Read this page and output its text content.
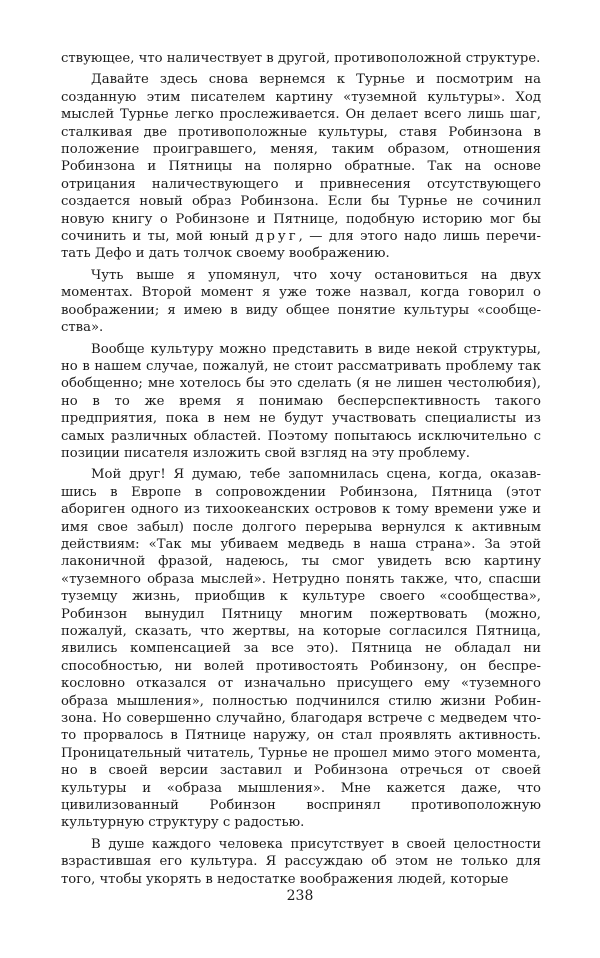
ствующее, что наличествует в другой, противоположной структуре.

Давайте здесь снова вернемся к Турнье и посмотрим на созданную этим писателем картину «туземной культуры». Ход мыслей Турнье легко прослеживается. Он делает всего лишь шаг, сталкивая две противоположные культуры, ставя Робинзона в положение проигравшего, меняя, таким образом, отношения Робинзона и Пятницы на полярно обратные. Так на основе отрицания наличествующего и привнесения отсутствующего создается новый образ Робинзона. Если бы Турнье не сочинил новую книгу о Робинзоне и Пятнице, подобную историю мог бы сочинить и ты, мой юный друг, — для этого надо лишь перечитать Дефо и дать толчок своему воображению.

Чуть выше я упомянул, что хочу остановиться на двух моментах. Второй момент я уже тоже назвал, когда говорил о воображении; я имею в виду общее понятие культуры «сообщества».

Вообще культуру можно представить в виде некой структуры, но в нашем случае, пожалуй, не стоит рассматривать проблему так обобщенно; мне хотелось бы это сделать (я не лишен честолюбия), но в то же время я понимаю бесперспективность такого предприятия, пока в нем не будут участвовать специалисты из самых различных областей. Поэтому попытаюсь исключительно с позиции писателя изложить свой взгляд на эту проблему.

Мой друг! Я думаю, тебе запомнилась сцена, когда, оказавшись в Европе в сопровождении Робинзона, Пятница (этот абориген одного из тихоокеанских островов к тому времени уже и имя свое забыл) после долгого перерыва вернулся к активным действиям: «Так мы убиваем медведь в наша страна». За этой лаконичной фразой, надеюсь, ты смог увидеть всю картину «туземного образа мыслей». Нетрудно понять также, что, спасши туземцу жизнь, приобщив к культуре своего «сообщества», Робинзон вынудил Пятницу многим пожертвовать (можно, пожалуй, сказать, что жертвы, на которые согласился Пятница, явились компенсацией за все это). Пятница не обладал ни способностью, ни волей противостоять Робинзону, он беспрекословно отказался от изначально присущего ему «туземного образа мышления», полностью подчинился стилю жизни Робинзона. Но совершенно случайно, благодаря встрече с медведем что-то прорвалось в Пятнице наружу, он стал проявлять активность. Проницательный читатель, Турнье не прошел мимо этого момента, но в своей версии заставил и Робинзона отречься от своей культуры и «образа мышления». Мне кажется даже, что цивилизованный Робинзон воспринял противоположную культурную структуру с радостью.

В душе каждого человека присутствует в своей целостности взрастившая его культура. Я рассуждаю об этом не только для того, чтобы укорять в недостатке воображения людей, которые

238
